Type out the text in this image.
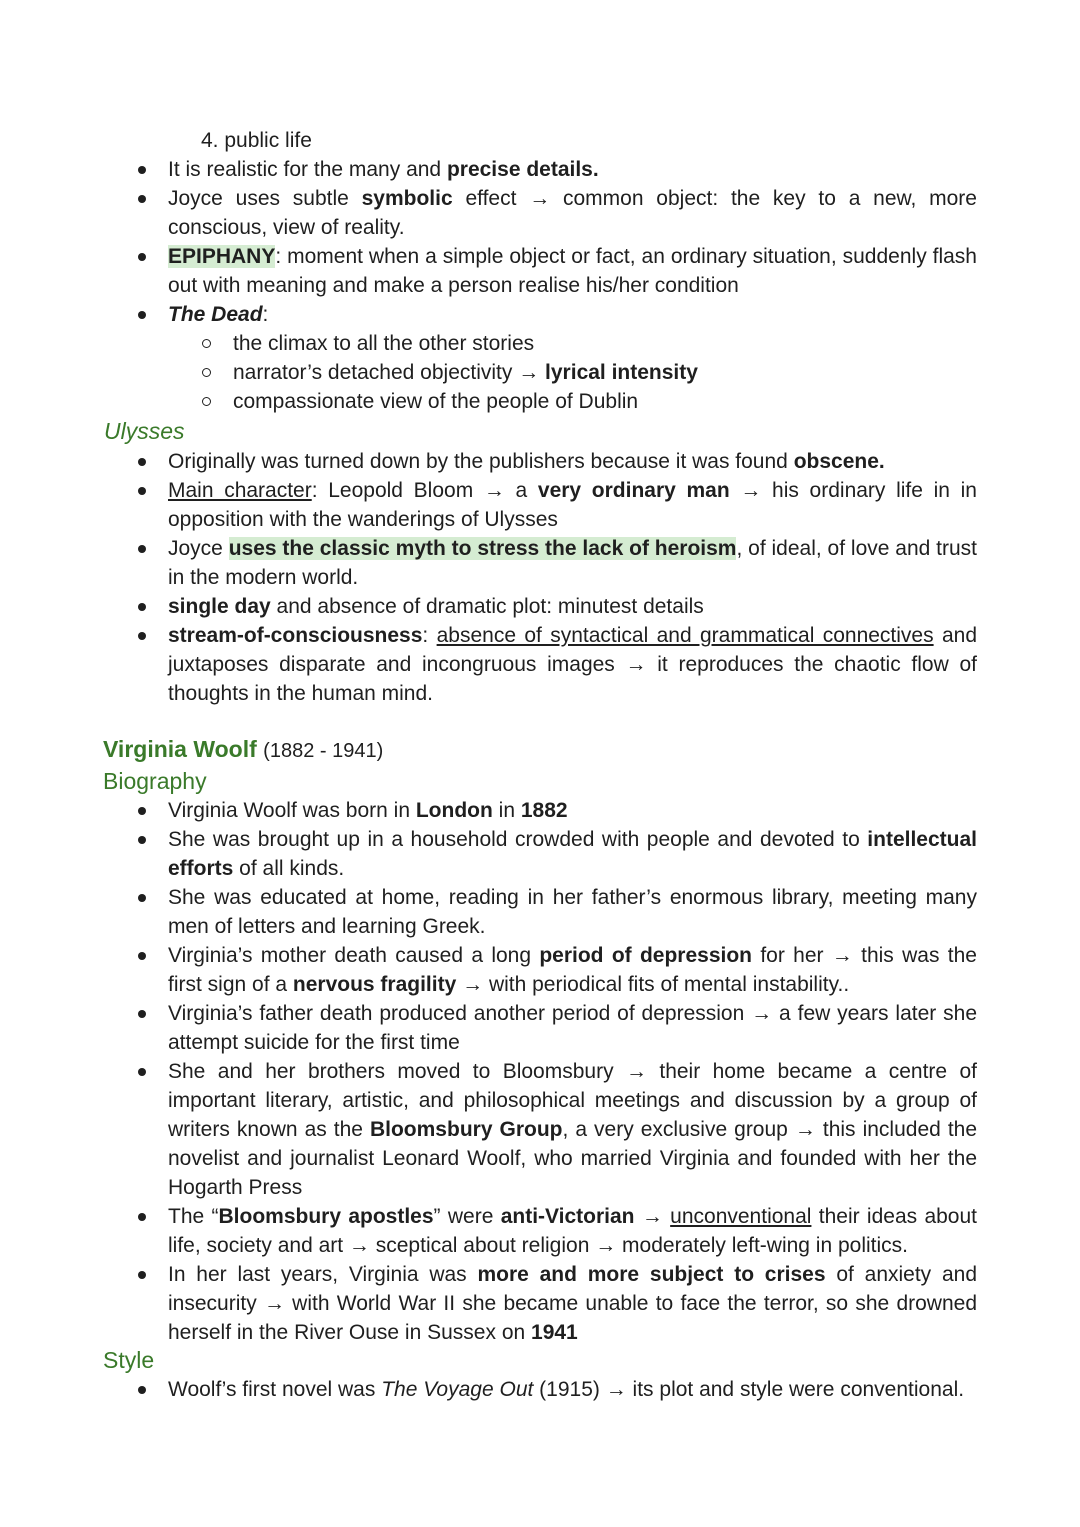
4. public life
It is realistic for the many and precise details.
Joyce uses subtle symbolic effect → common object: the key to a new, more conscious, view of reality.
EPIPHANY: moment when a simple object or fact, an ordinary situation, suddenly flash out with meaning and make a person realise his/her condition
The Dead:
the climax to all the other stories
narrator’s detached objectivity → lyrical intensity
compassionate view of the people of Dublin
Ulysses
Originally was turned down by the publishers because it was found obscene.
Main character: Leopold Bloom → a very ordinary man → his ordinary life in in opposition with the wanderings of Ulysses
Joyce uses the classic myth to stress the lack of heroism, of ideal, of love and trust in the modern world.
single day and absence of dramatic plot: minutest details
stream-of-consciousness: absence of syntactical and grammatical connectives and juxtaposes disparate and incongruous images → it reproduces the chaotic flow of thoughts in the human mind.
Virginia Woolf (1882 - 1941)
Biography
Virginia Woolf was born in London in 1882
She was brought up in a household crowded with people and devoted to intellectual efforts of all kinds.
She was educated at home, reading in her father’s enormous library, meeting many men of letters and learning Greek.
Virginia’s mother death caused a long period of depression for her → this was the first sign of a nervous fragility → with periodical fits of mental instability..
Virginia’s father death produced another period of depression → a few years later she attempt suicide for the first time
She and her brothers moved to Bloomsbury → their home became a centre of important literary, artistic, and philosophical meetings and discussion by a group of writers known as the Bloomsbury Group, a very exclusive group → this included the novelist and journalist Leonard Woolf, who married Virginia and founded with her the Hogarth Press
The “Bloomsbury apostles” were anti-Victorian → unconventional their ideas about life, society and art → sceptical about religion → moderately left-wing in politics.
In her last years, Virginia was more and more subject to crises of anxiety and insecurity → with World War II she became unable to face the terror, so she drowned herself in the River Ouse in Sussex on 1941
Style
Woolf’s first novel was The Voyage Out (1915) → its plot and style were conventional.
